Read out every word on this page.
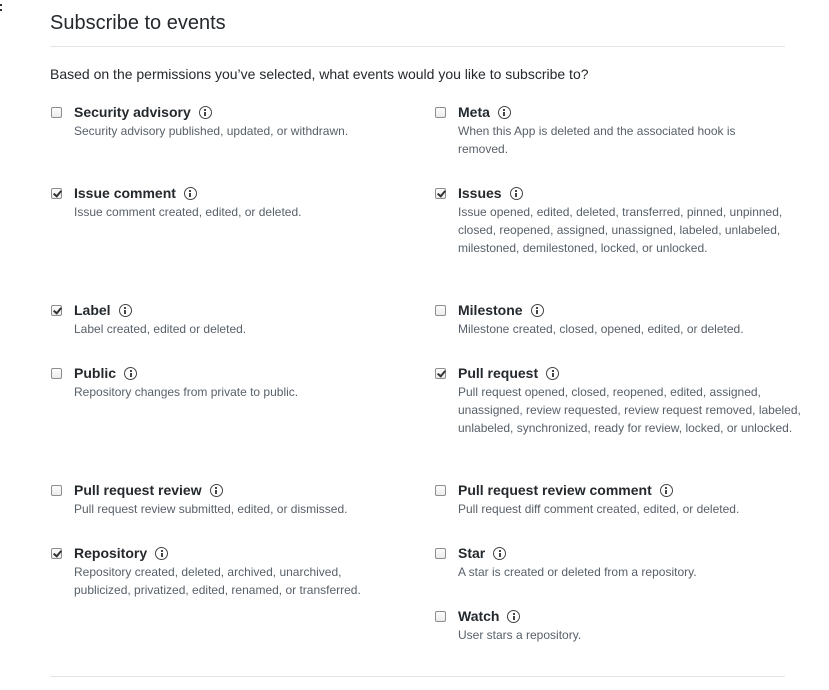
Subscribe to events
Based on the permissions you’ve selected, what events would you like to subscribe to?
Security advisory
Security advisory published, updated, or withdrawn.
Issue comment
Issue comment created, edited, or deleted.
Label
Label created, edited or deleted.
Public
Repository changes from private to public.
Pull request review
Pull request review submitted, edited, or dismissed.
Repository
Repository created, deleted, archived, unarchived, publicized, privatized, edited, renamed, or transferred.
Meta
When this App is deleted and the associated hook is removed.
Issues
Issue opened, edited, deleted, transferred, pinned, unpinned, closed, reopened, assigned, unassigned, labeled, unlabeled, milestoned, demilestoned, locked, or unlocked.
Milestone
Milestone created, closed, opened, edited, or deleted.
Pull request
Pull request opened, closed, reopened, edited, assigned, unassigned, review requested, review request removed, labeled, unlabeled, synchronized, ready for review, locked, or unlocked.
Pull request review comment
Pull request diff comment created, edited, or deleted.
Star
A star is created or deleted from a repository.
Watch
User stars a repository.
